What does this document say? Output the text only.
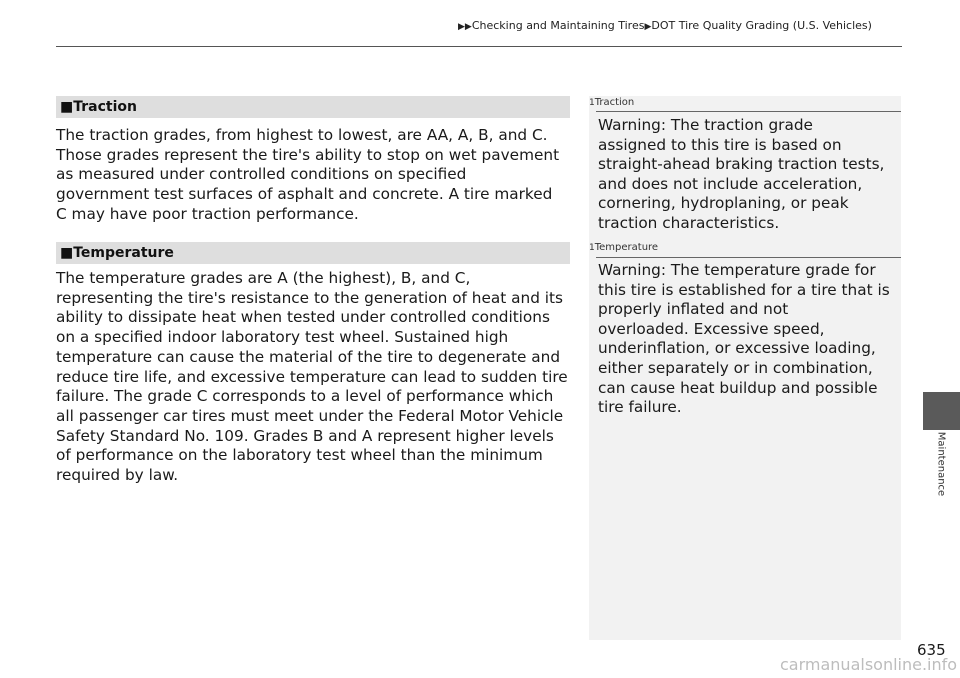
▶▶Checking and Maintaining Tires▶DOT Tire Quality Grading (U.S. Vehicles)
■Traction
The traction grades, from highest to lowest, are AA, A, B, and C.
Those grades represent the tire's ability to stop on wet pavement
as measured under controlled conditions on specified
government test surfaces of asphalt and concrete. A tire marked
C may have poor traction performance.
■Temperature
The temperature grades are A (the highest), B, and C,
representing the tire's resistance to the generation of heat and its
ability to dissipate heat when tested under controlled conditions
on a specified indoor laboratory test wheel. Sustained high
temperature can cause the material of the tire to degenerate and
reduce tire life, and excessive temperature can lead to sudden tire
failure. The grade C corresponds to a level of performance which
all passenger car tires must meet under the Federal Motor Vehicle
Safety Standard No. 109. Grades B and A represent higher levels
of performance on the laboratory test wheel than the minimum
required by law.
1Traction
Warning: The traction grade
assigned to this tire is based on
straight-ahead braking traction tests,
and does not include acceleration,
cornering, hydroplaning, or peak
traction characteristics.
1Temperature
Warning: The temperature grade for
this tire is established for a tire that is
properly inflated and not
overloaded. Excessive speed,
underinflation, or excessive loading,
either separately or in combination,
can cause heat buildup and possible
tire failure.
Maintenance
635
carmanualsonline.info
